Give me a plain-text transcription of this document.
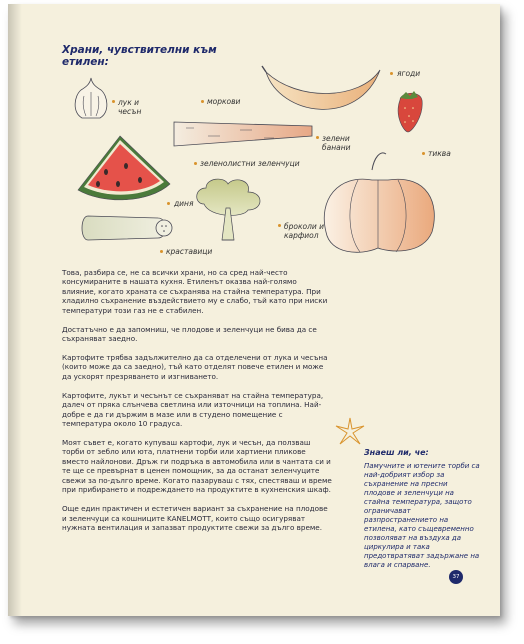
Храни, чувствителни към етилен:
лук и чесън
моркови
ягоди
зелени банани
тиква
зеленолистни зеленчуци
диня
броколи и карфиол
краставици

Това, разбира се, не са всички храни, но са сред най-често консумираните в нашата кухня. Етиленът оказва най-голямо влияние, когато храната се съхранява на стайна температура. При хладилно съхранение въздействието му е слабо, тъй като при ниски температури този газ не е стабилен.

Достатъчно е да запомниш, че плодове и зеленчуци не бива да се съхраняват заедно.

Картофите трябва задължително да са отделечени от лука и чесъна (които може да са заедно), тъй като отделят повече етилен и може да ускорят презряването и изгниването.

Картофите, лукът и чесънът се съхраняват на стайна температура, далеч от пряка слънчева светлина или източници на топлина. Най-добре е да ги държим в мазе или в студено помещение с температура около 10 градуса.

Моят съвет е, когато купуваш картофи, лук и чесън, да ползваш торби от зебло или юта, платнени торби или хартиени пликове вместо найлонови. Дръж ги подръка в автомобила или в чантата си и те ще се превърнат в ценен помощник, за да останат зеленчуците свежи за по-дълго време. Когато пазаруваш с тях, спестяваш и време при прибирането и подреждането на продуктите в кухненския шкаф.

Още един практичен и естетичен вариант за съхранение на плодове и зеленчуци са кошниците KANELMOTT, които също осигуряват нужната вентилация и запазват продуктите свежи за дълго време.

Знаеш ли, че:
Памучните и ютените торби са най-добрият избор за съхранение на пресни плодове и зеленчуци на стайна температура, защото ограничават разпространението на етилена, като същевременно позволяват на въздуха да циркулира и така предотвратяват задържане на влага и спарване.
37
